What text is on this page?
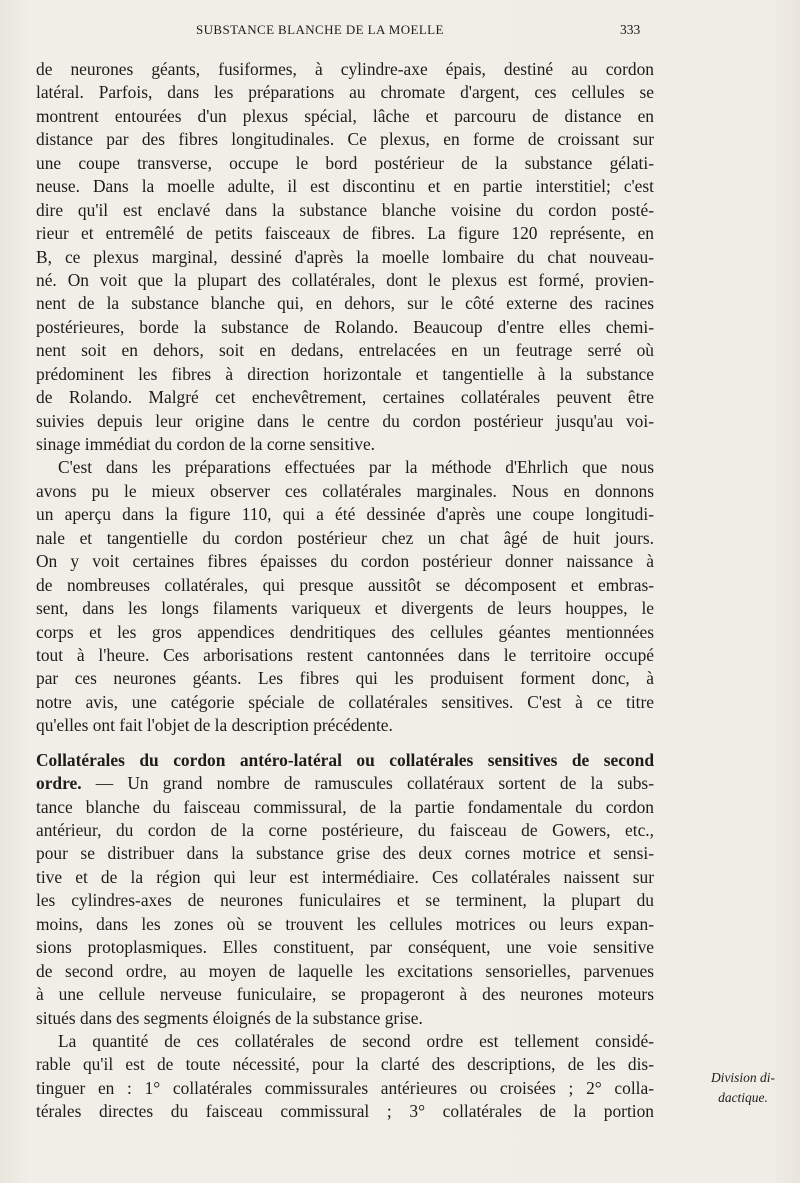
SUBSTANCE BLANCHE DE LA MOELLE	333
de neurones géants, fusiformes, à cylindre-axe épais, destiné au cordon
latéral. Parfois, dans les préparations au chromate d'argent, ces cellules se
montrent entourées d'un plexus spécial, lâche et parcouru de distance en
distance par des fibres longitudinales. Ce plexus, en forme de croissant sur
une coupe transverse, occupe le bord postérieur de la substance gélati-
neuse. Dans la moelle adulte, il est discontinu et en partie interstitiel; c'est
dire qu'il est enclavé dans la substance blanche voisine du cordon posté-
rieur et entremêlé de petits faisceaux de fibres. La figure 120 représente, en
B, ce plexus marginal, dessiné d'après la moelle lombaire du chat nouveau-
né. On voit que la plupart des collatérales, dont le plexus est formé, provien-
nent de la substance blanche qui, en dehors, sur le côté externe des racines
postérieures, borde la substance de Rolando. Beaucoup d'entre elles chemi-
nent soit en dehors, soit en dedans, entrelacées en un feutrage serré où
prédominent les fibres à direction horizontale et tangentielle à la substance
de Rolando. Malgré cet enchevêtrement, certaines collatérales peuvent être
suivies depuis leur origine dans le centre du cordon postérieur jusqu'au voi-
sinage immédiat du cordon de la corne sensitive.
C'est dans les préparations effectuées par la méthode d'Ehrlich que nous
avons pu le mieux observer ces collatérales marginales. Nous en donnons
un aperçu dans la figure 110, qui a été dessinée d'après une coupe longitudi-
nale et tangentielle du cordon postérieur chez un chat âgé de huit jours.
On y voit certaines fibres épaisses du cordon postérieur donner naissance à
de nombreuses collatérales, qui presque aussitôt se décomposent et embras-
sent, dans les longs filaments variqueux et divergents de leurs houppes, le
corps et les gros appendices dendritiques des cellules géantes mentionnées
tout à l'heure. Ces arborisations restent cantonnées dans le territoire occupé
par ces neurones géants. Les fibres qui les produisent forment donc, à
notre avis, une catégorie spéciale de collatérales sensitives. C'est à ce titre
qu'elles ont fait l'objet de la description précédente.
Collatérales du cordon antéro-latéral ou collatérales sensitives de second
ordre. — Un grand nombre de ramuscules collatéraux sortent de la subs-
tance blanche du faisceau commissural, de la partie fondamentale du cordon
antérieur, du cordon de la corne postérieure, du faisceau de Gowers, etc.,
pour se distribuer dans la substance grise des deux cornes motrice et sensi-
tive et de la région qui leur est intermédiaire. Ces collatérales naissent sur
les cylindres-axes de neurones funiculaires et se terminent, la plupart du
moins, dans les zones où se trouvent les cellules motrices ou leurs expan-
sions protoplasmiques. Elles constituent, par conséquent, une voie sensitive
de second ordre, au moyen de laquelle les excitations sensorielles, parvenues
à une cellule nerveuse funiculaire, se propageront à des neurones moteurs
situés dans des segments éloignés de la substance grise.
La quantité de ces collatérales de second ordre est tellement considé-
rable qu'il est de toute nécessité, pour la clarté des descriptions, de les dis-
tinguer en : 1° collatérales commissurales antérieures ou croisées ; 2° colla-
térales directes du faisceau commissural ; 3° collatérales de la portion
Division di-
dactique.
